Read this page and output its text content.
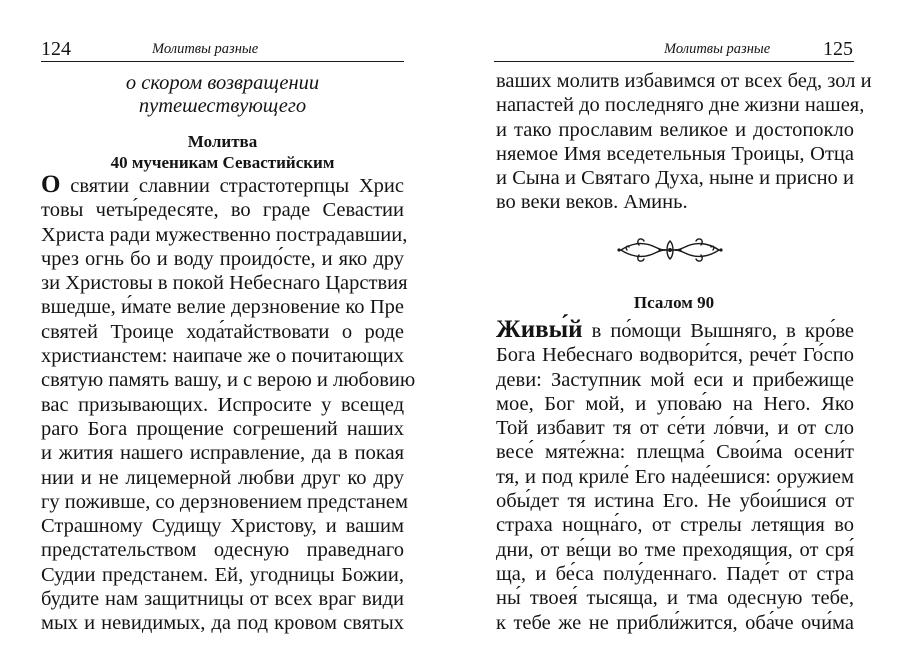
124	Молитвы разные
о скором возвращении
путешествующего
Молитва
40 мученикам Севастийским
О святии славнии страстотерпцы Хрис
товы четы́редесяте, во граде Севастии
Христа ради мужественно пострадавшии,
чрез огнь бо и воду проидо́сте, и яко дру
зи Христовы в покой Небеснаго Царствия
вшедше, и́мате велие дерзновение ко Пре
святей Троице хода́тайствовати о роде
христианстем: наипаче же о почитающих
святую память вашу, и с верою и любовию
вас призывающих. Испросите у всещед
раго Бога прощение согрешений наших
и жития нашего исправление, да в покая
нии и не лицемерной любви друг ко дру
гу поживше, со дерзновением предстанем
Страшному Судищу Христову, и вашим
предстательством одесную праведнаго
Судии предстанем. Ей, угодницы Божии,
будите нам защитницы от всех враг види
мых и невидимых, да под кровом святых
Молитвы разные	125
ваших молитв избавимся от всех бед, зол и
напастей до последняго дне жизни нашея,
и тако прославим великое и достопокло
няемое Имя вседетельныя Троицы, Отца
и Сына и Святаго Духа, ныне и присно и
во веки веков. Аминь.
Псалом 90
Живы́й в по́мощи Вышняго, в кро́ве
Бога Небеснаго водвори́тся, рече́т Го́спо
деви: Заступник мой еси и прибежище
мое, Бог мой, и упова́ю на Него. Яко
Той избавит тя от се́ти ло́вчи, и от сло
весе́ мяте́жна: плещма́ Свои́ма осени́т
тя, и под криле́ Его наде́ешися: оружием
обы́дет тя истина Его. Не убои́шися от
страха нощна́го, от стрелы летящия во
дни, от ве́щи во тме преходящия, от сря́
ща, и бе́са полу́деннаго. Паде́т от стра
ны́ твоея́ тысяща, и тма одесную тебе,
к тебе же не прибли́жится, оба́че очи́ма
